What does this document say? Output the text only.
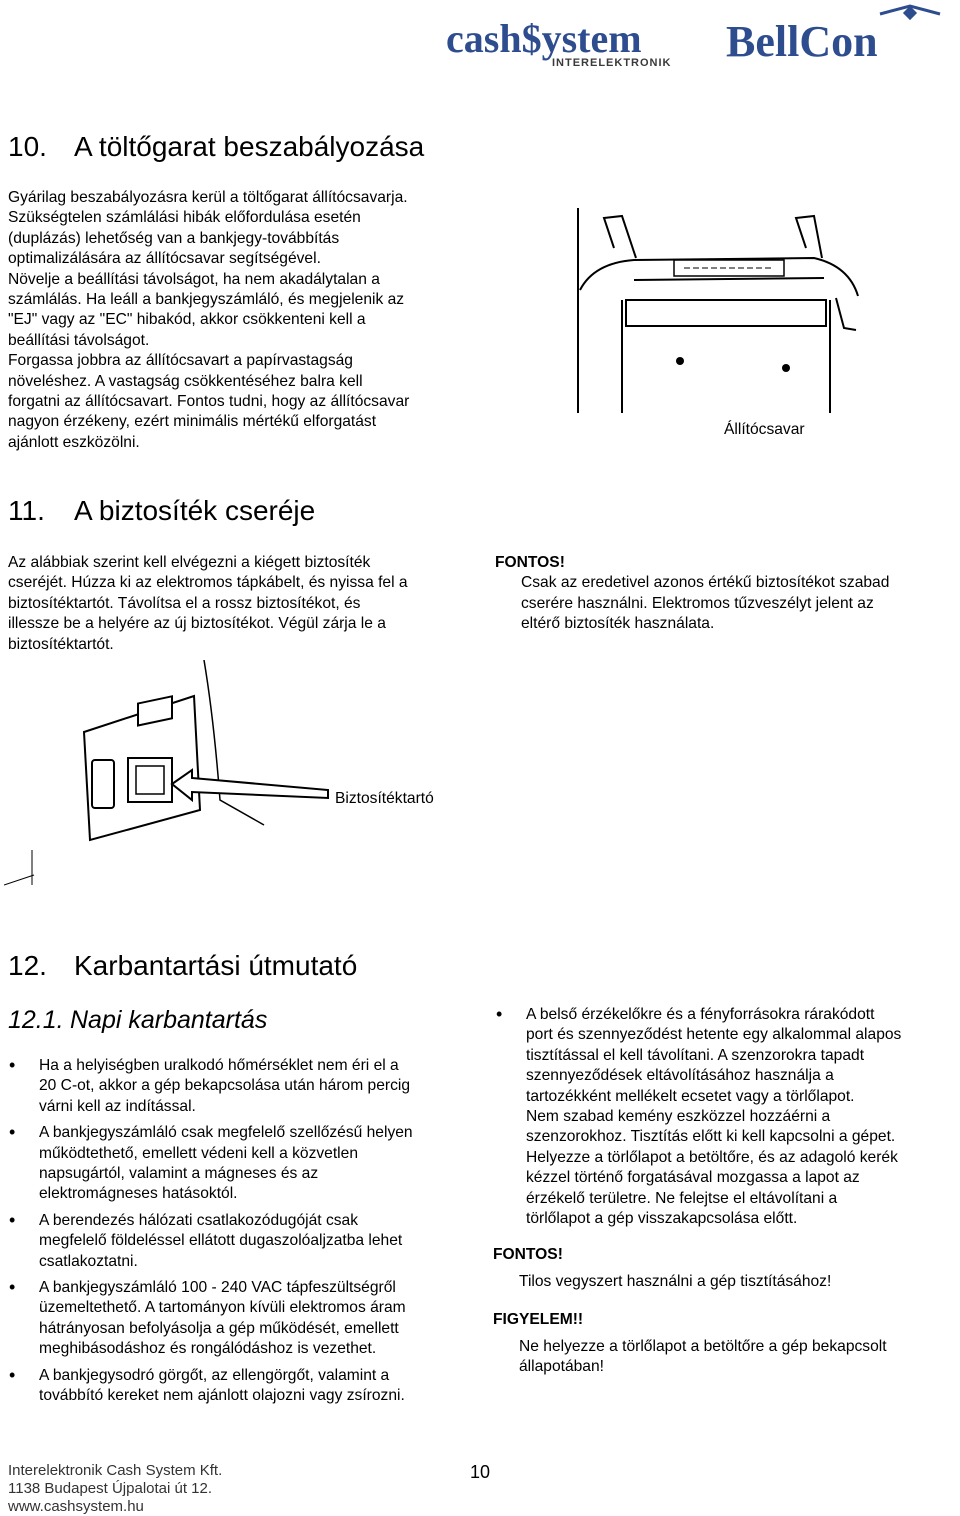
cash$ystem
INTERELEKTRONIK BellCon
10. A töltőgarat beszabályozása
Gyárilag beszabályozásra kerül a töltőgarat állítócsavarja.
Szükségtelen számlálási hibák előfordulása esetén
(duplázás) lehetőség van a bankjegy-továbbítás
optimalizálására az állítócsavar segítségével.
Növelje a beállítási távolságot, ha nem akadálytalan a
számlálás. Ha leáll a bankjegyszámláló, és megjelenik az
"EJ" vagy az "EC" hibakód, akkor csökkenteni kell a
beállítási távolságot.
Forgassa jobbra az állítócsavart a papírvastagság
növeléshez. A vastagság csökkentéséhez balra kell
forgatni az állítócsavart. Fontos tudni, hogy az állítócsavar
nagyon érzékeny, ezért minimális mértékű elforgatást
ajánlott eszközölni.
Állítócsavar
11. A biztosíték cseréje
Az alábbiak szerint kell elvégezni a kiégett biztosíték
cseréjét. Húzza ki az elektromos tápkábelt, és nyissa fel a
biztosítéktartót. Távolítsa el a rossz biztosítékot, és
illessze be a helyére az új biztosítékot. Végül zárja le a
biztosítéktartót.
FONTOS!
Csak az eredetivel azonos értékű biztosítékot szabad
cserére használni. Elektromos tűzveszélyt jelent az
eltérő biztosíték használata.
Biztosítéktartó
12. Karbantartási útmutató
12.1. Napi karbantartás
• Ha a helyiségben uralkodó hőmérséklet nem éri el a
20 C-ot, akkor a gép bekapcsolása után három percig
várni kell az indítással.
• A bankjegyszámláló csak megfelelő szellőzésű helyen
működtethető, emellett védeni kell a közvetlen
napsugártól, valamint a mágneses és az
elektromágneses hatásoktól.
• A berendezés hálózati csatlakozódugóját csak
megfelelő földeléssel ellátott dugaszolóaljzatba lehet
csatlakoztatni.
• A bankjegyszámláló 100 - 240 VAC tápfeszültségről
üzemeltethető. A tartományon kívüli elektromos áram
hátrányosan befolyásolja a gép működését, emellett
meghibásodáshoz és rongálódáshoz is vezethet.
• A bankjegysodró görgőt, az ellengörgőt, valamint a
továbbító kereket nem ajánlott olajozni vagy zsírozni.
• A belső érzékelőkre és a fényforrásokra rárakódott
port és szennyeződést hetente egy alkalommal alapos
tisztítással el kell távolítani. A szenzorokra tapadt
szennyeződések eltávolításához használja a
tartozékként mellékelt ecsetet vagy a törlőlapot.
Nem szabad kemény eszközzel hozzáérni a
szenzorokhoz. Tisztítás előtt ki kell kapcsolni a gépet.
Helyezze a törlőlapot a betöltőre, és az adagoló kerék
kézzel történő forgatásával mozgassa a lapot az
érzékelő területre. Ne felejtse el eltávolítani a
törlőlapot a gép visszakapcsolása előtt.
FONTOS!
Tilos vegyszert használni a gép tisztításához!
FIGYELEM!!
Ne helyezze a törlőlapot a betöltőre a gép bekapcsolt
állapotában!
Interelektronik Cash System Kft.
1138 Budapest Újpalotai út 12.
www.cashsystem.hu
10
